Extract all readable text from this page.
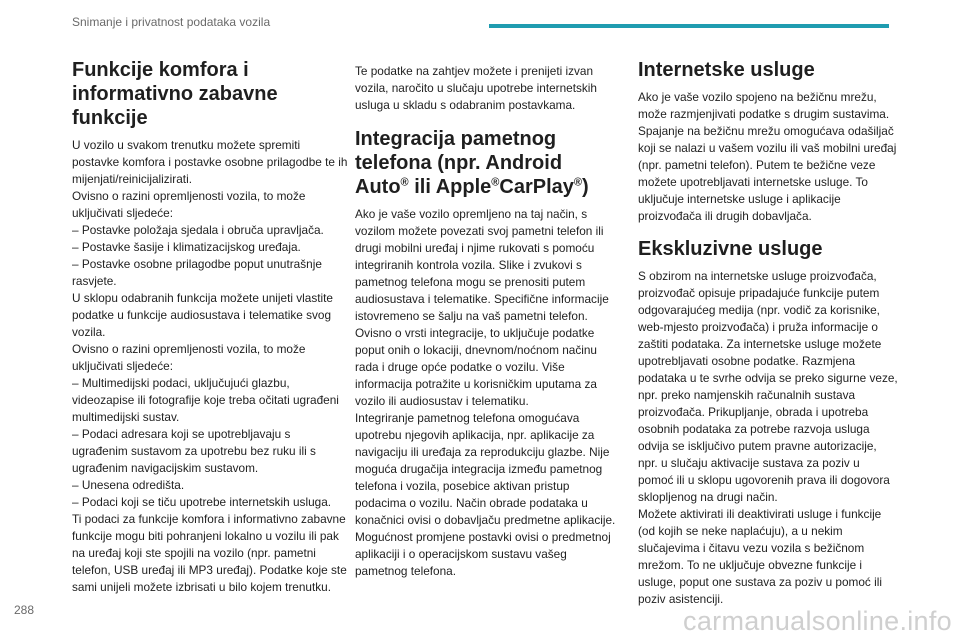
Snimanje i privatnost podataka vozila
Funkcije komfora i informativno zabavne funkcije

U vozilo u svakom trenutku možete spremiti postavke komfora i postavke osobne prilagodbe te ih mijenjati/reinicijalizirati.
Ovisno o razini opremljenosti vozila, to može uključivati sljedeće:
– Postavke položaja sjedala i obruča upravljača.
– Postavke šasije i klimatizacijskog uređaja.
– Postavke osobne prilagodbe poput unutrašnje rasvjete.
U sklopu odabranih funkcija možete unijeti vlastite podatke u funkcije audiosustava i telematike svog vozila.
Ovisno o razini opremljenosti vozila, to može uključivati sljedeće:
– Multimedijski podaci, uključujući glazbu, videozapise ili fotografije koje treba očitati ugrađeni multimedijski sustav.
– Podaci adresara koji se upotrebljavaju s ugrađenim sustavom za upotrebu bez ruku ili s ugrađenim navigacijskim sustavom.
– Unesena odredišta.
– Podaci koji se tiču upotrebe internetskih usluga.
Ti podaci za funkcije komfora i informativno zabavne funkcije mogu biti pohranjeni lokalno u vozilu ili pak na uređaj koji ste spojili na vozilo (npr. pametni telefon, USB uređaj ili MP3 uređaj). Podatke koje ste sami unijeli možete izbrisati u bilo kojem trenutku.

Te podatke na zahtjev možete i prenijeti izvan vozila, naročito u slučaju upotrebe internetskih usluga u skladu s odabranim postavkama.

Integracija pametnog telefona (npr. Android Auto® ili Apple®CarPlay®)

Ako je vaše vozilo opremljeno na taj način, s vozilom možete povezati svoj pametni telefon ili drugi mobilni uređaj i njime rukovati s pomoću integriranih kontrola vozila. Slike i zvukovi s pametnog telefona mogu se prenositi putem audiosustava i telematike. Specifične informacije istovremeno se šalju na vaš pametni telefon. Ovisno o vrsti integracije, to uključuje podatke poput onih o lokaciji, dnevnom/noćnom načinu rada i druge opće podatke o vozilu. Više informacija potražite u korisničkim uputama za vozilo ili audiosustav i telematiku.
Integriranje pametnog telefona omogućava upotrebu njegovih aplikacija, npr. aplikacije za navigaciju ili uređaja za reprodukciju glazbe. Nije moguća drugačija integracija između pametnog telefona i vozila, posebice aktivan pristup podacima o vozilu. Način obrade podataka u konačnici ovisi o dobavljaču predmetne aplikacije. Mogućnost promjene postavki ovisi o predmetnoj aplikaciji i o operacijskom sustavu vašeg pametnog telefona.

Internetske usluge

Ako je vaše vozilo spojeno na bežičnu mrežu, može razmjenjivati podatke s drugim sustavima. Spajanje na bežičnu mrežu omogućava odašiljač koji se nalazi u vašem vozilu ili vaš mobilni uređaj (npr. pametni telefon). Putem te bežične veze možete upotrebljavati internetske usluge. To uključuje internetske usluge i aplikacije proizvođača ili drugih dobavljača.

Ekskluzivne usluge

S obzirom na internetske usluge proizvođača, proizvođač opisuje pripadajuće funkcije putem odgovarajućeg medija (npr. vodič za korisnike, web-mjesto proizvođača) i pruža informacije o zaštiti podataka. Za internetske usluge možete upotrebljavati osobne podatke. Razmjena podataka u te svrhe odvija se preko sigurne veze, npr. preko namjenskih računalnih sustava proizvođača. Prikupljanje, obrada i upotreba osobnih podataka za potrebe razvoja usluga odvija se isključivo putem pravne autorizacije, npr. u slučaju aktivacije sustava za poziv u pomoć ili u sklopu ugovorenih prava ili dogovora sklopljenog na drugi način.
Možete aktivirati ili deaktivirati usluge i funkcije (od kojih se neke naplaćuju), a u nekim slučajevima i čitavu vezu vozila s bežičnom mrežom. To ne uključuje obvezne funkcije i usluge, poput one sustava za poziv u pomoć ili poziv asistenciji.

288	carmanualsonline.info
